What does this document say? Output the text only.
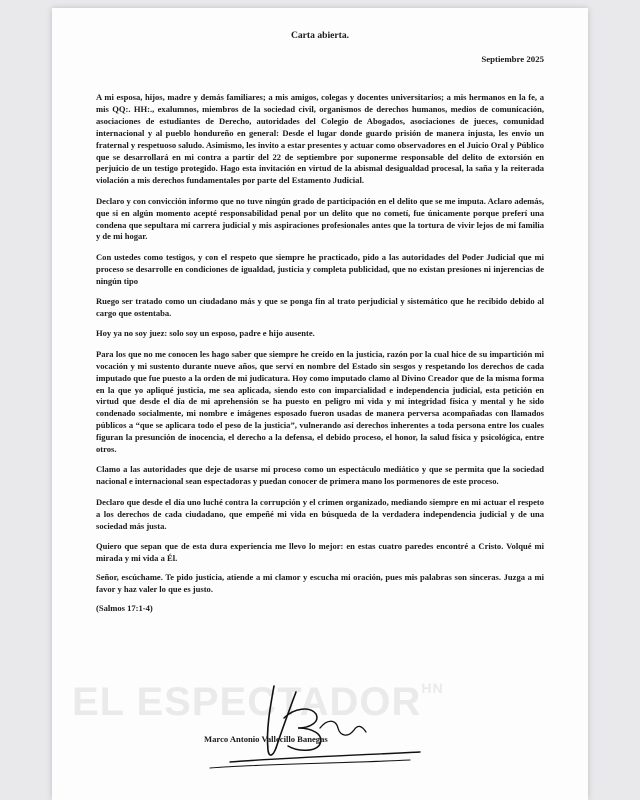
Carta abierta.
Septiembre 2025

A mi esposa, hijos, madre y demás familiares; a mis amigos, colegas y docentes universitarios; a mis hermanos en la fe, a mis QQ:. HH:., exalumnos, miembros de la sociedad civil, organismos de derechos humanos, medios de comunicación, asociaciones de estudiantes de Derecho, autoridades del Colegio de Abogados, asociaciones de jueces, comunidad internacional y al pueblo hondureño en general: Desde el lugar donde guardo prisión de manera injusta, les envío un fraternal y respetuoso saludo. Asimismo, les invito a estar presentes y actuar como observadores en el Juicio Oral y Público que se desarrollará en mi contra a partir del 22 de septiembre por suponerme responsable del delito de extorsión en perjuicio de un testigo protegido. Hago esta invitación en virtud de la abismal desigualdad procesal, la saña y la reiterada violación a mis derechos fundamentales por parte del Estamento Judicial.

Declaro y con convicción informo que no tuve ningún grado de participación en el delito que se me imputa. Aclaro además, que si en algún momento acepté responsabilidad penal por un delito que no cometí, fue únicamente porque preferí una condena que sepultara mi carrera judicial y mis aspiraciones profesionales antes que la tortura de vivir lejos de mi familia y de mi hogar.

Con ustedes como testigos, y con el respeto que siempre he practicado, pido a las autoridades del Poder Judicial que mi proceso se desarrolle en condiciones de igualdad, justicia y completa publicidad, que no existan presiones ni injerencias de ningún tipo

Ruego ser tratado como un ciudadano más y que se ponga fin al trato perjudicial y sistemático que he recibido debido al cargo que ostentaba.

Hoy ya no soy juez: solo soy un esposo, padre e hijo ausente.

Para los que no me conocen les hago saber que siempre he creído en la justicia, razón por la cual hice de su impartición mi vocación y mi sustento durante nueve años, que serví en nombre del Estado sin sesgos y respetando los derechos de cada imputado que fue puesto a la orden de mi judicatura. Hoy como imputado clamo al Divino Creador que de la misma forma en la que yo apliqué justicia, me sea aplicada, siendo esto con imparcialidad e independencia judicial, esta petición en virtud que desde el día de mi aprehensión se ha puesto en peligro mi vida y mi integridad física y mental y he sido condenado socialmente, mi nombre e imágenes esposado fueron usadas de manera perversa acompañadas con llamados públicos a “que se aplicara todo el peso de la justicia”, vulnerando así derechos inherentes a toda persona entre los cuales figuran la presunción de inocencia, el derecho a la defensa, el debido proceso, el honor, la salud física y psicológica, entre otros.

Clamo a las autoridades que deje de usarse mi proceso como un espectáculo mediático y que se permita que la sociedad nacional e internacional sean espectadoras y puedan conocer de primera mano los pormenores de este proceso.

Declaro que desde el día uno luché contra la corrupción y el crimen organizado, mediando siempre en mi actuar el respeto a los derechos de cada ciudadano, que empeñé mi vida en búsqueda de la verdadera independencia judicial y de una sociedad más justa.

Quiero que sepan que de esta dura experiencia me llevo lo mejor: en estas cuatro paredes encontré a Cristo. Volqué mi mirada y mi vida a Él.

Señor, escúchame. Te pido justicia, atiende a mi clamor y escucha mi oración, pues mis palabras son sinceras. Juzga a mi favor y haz valer lo que es justo.

(Salmos 17:1-4)

EL $ESPECTADOR^{HN}$
Marco Antonio Vallecillo Banegas
